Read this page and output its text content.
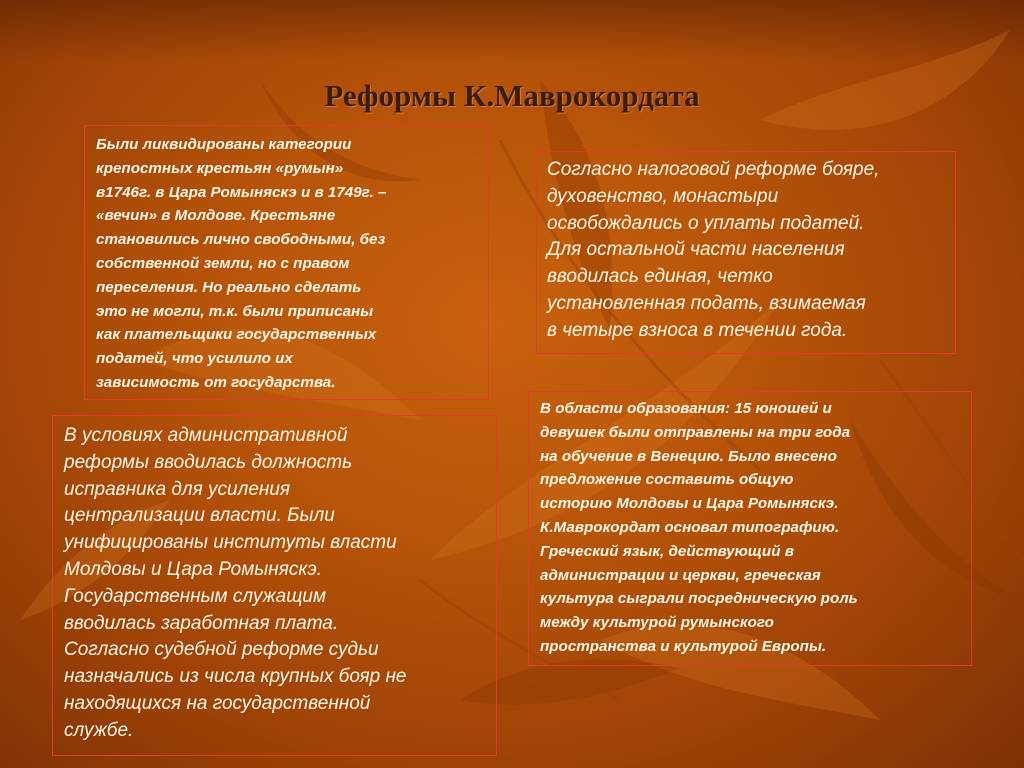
Реформы К.Маврокордата
Были ликвидированы категории
крепостных крестьян «румын»
в1746г. в Цара Ромыняскэ и в 1749г. –
«вечин» в Молдове. Крестьяне
становились лично свободными, без
собственной земли, но с правом
переселения. Но реально сделать
это не могли, т.к. были приписаны
как плательщики государственных
податей, что усилило их
зависимость от государства.
Согласно налоговой реформе бояре,
духовенство, монастыри
освобождались о уплаты податей.
Для остальной части населения
вводилась единая, четко
установленная подать, взимаемая
в четыре взноса в течении года.
В условиях административной
реформы вводилась должность
исправника для усиления
централизации власти. Были
унифицированы институты власти
Молдовы и Цара Ромыняскэ.
Государственным служащим
вводилась заработная плата.
Согласно судебной реформе судьи
назначались из числа крупных бояр не
находящихся на государственной
службе.
В области образования: 15 юношей и
девушек были отправлены на три года
на обучение в Венецию. Было внесено
предложение составить общую
историю Молдовы и Цара Ромыняскэ.
К.Маврокордат основал типографию.
Греческий язык, действующий в
администрации и церкви, греческая
культура сыграли посредническую роль
между культурой румынского
пространства и культурой Европы.
